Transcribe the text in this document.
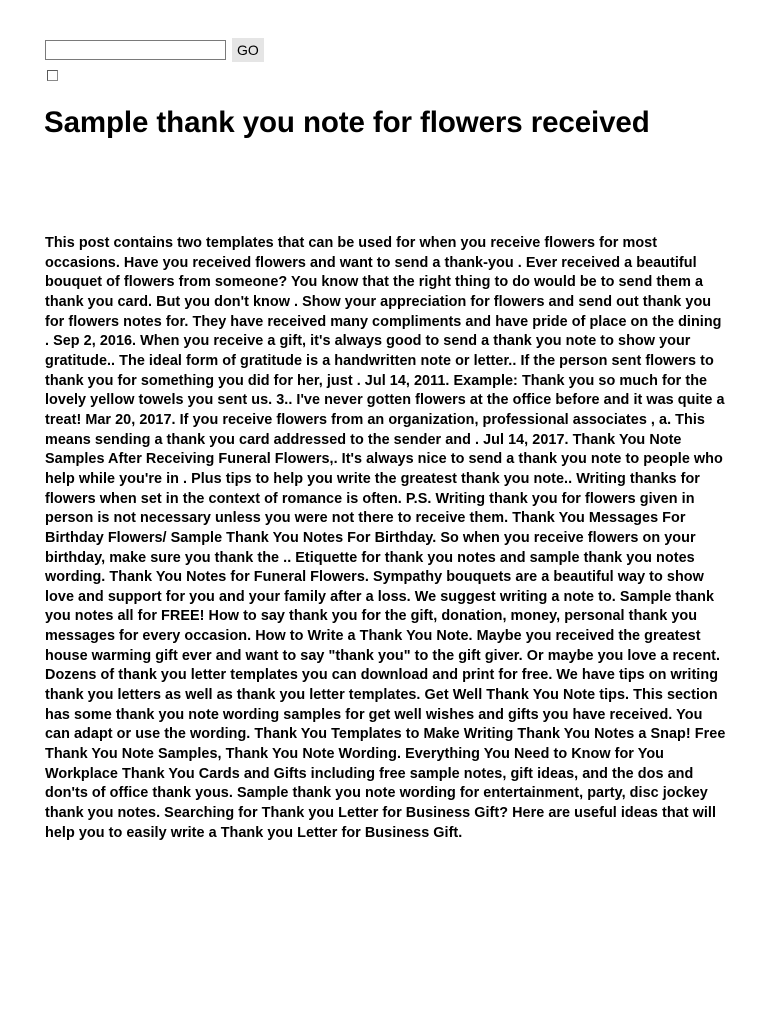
GO
Sample thank you note for flowers received

This post contains two templates that can be used for when you receive flowers for most occasions. Have you received flowers and want to send a thank-you . Ever received a beautiful bouquet of flowers from someone? You know that the right thing to do would be to send them a thank you card. But you don't know . Show your appreciation for flowers and send out thank you for flowers notes for. They have received many compliments and have pride of place on the dining . Sep 2, 2016. When you receive a gift, it's always good to send a thank you note to show your gratitude.. The ideal form of gratitude is a handwritten note or letter.. If the person sent flowers to thank you for something you did for her, just . Jul 14, 2011. Example: Thank you so much for the lovely yellow towels you sent us. 3.. I've never gotten flowers at the office before and it was quite a treat! Mar 20, 2017. If you receive flowers from an organization, professional associates , a. This means sending a thank you card addressed to the sender and . Jul 14, 2017. Thank You Note Samples After Receiving Funeral Flowers,. It's always nice to send a thank you note to people who help while you're in . Plus tips to help you write the greatest thank you note.. Writing thanks for flowers when set in the context of romance is often. P.S. Writing thank you for flowers given in person is not necessary unless you were not there to receive them. Thank You Messages For Birthday Flowers/ Sample Thank You Notes For Birthday. So when you receive flowers on your birthday, make sure you thank the .. Etiquette for thank you notes and sample thank you notes wording. Thank You Notes for Funeral Flowers. Sympathy bouquets are a beautiful way to show love and support for you and your family after a loss. We suggest writing a note to. Sample thank you notes all for FREE! How to say thank you for the gift, donation, money, personal thank you messages for every occasion. How to Write a Thank You Note. Maybe you received the greatest house warming gift ever and want to say "thank you" to the gift giver. Or maybe you love a recent. Dozens of thank you letter templates you can download and print for free. We have tips on writing thank you letters as well as thank you letter templates. Get Well Thank You Note tips. This section has some thank you note wording samples for get well wishes and gifts you have received. You can adapt or use the wording. Thank You Templates to Make Writing Thank You Notes a Snap! Free Thank You Note Samples, Thank You Note Wording. Everything You Need to Know for You Workplace Thank You Cards and Gifts including free sample notes, gift ideas, and the dos and don'ts of office thank yous. Sample thank you note wording for entertainment, party, disc jockey thank you notes. Searching for Thank you Letter for Business Gift? Here are useful ideas that will help you to easily write a Thank you Letter for Business Gift.
